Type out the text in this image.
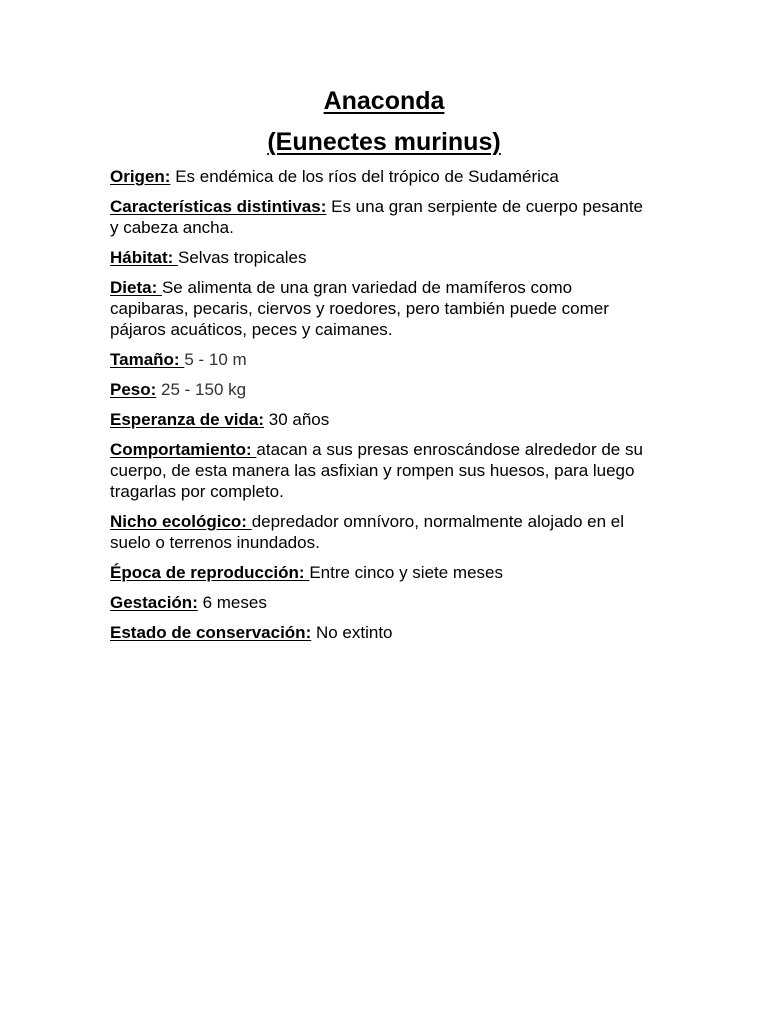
Anaconda
(Eunectes murinus)

Origen: Es endémica de los ríos del trópico de Sudamérica

Características distintivas: Es una gran serpiente de cuerpo pesante y cabeza ancha.

Hábitat: Selvas tropicales

Dieta: Se alimenta de una gran variedad de mamíferos como capibaras, pecaris, ciervos y roedores, pero también puede comer pájaros acuáticos, peces y caimanes.

Tamaño: 5 - 10 m

Peso: 25 - 150 kg

Esperanza de vida: 30 años

Comportamiento: atacan a sus presas enroscándose alrededor de su cuerpo, de esta manera las asfixian y rompen sus huesos, para luego tragarlas por completo.

Nicho ecológico: depredador omnívoro, normalmente alojado en el suelo o terrenos inundados.

Época de reproducción: Entre cinco y siete meses

Gestación: 6 meses

Estado de conservación: No extinto
